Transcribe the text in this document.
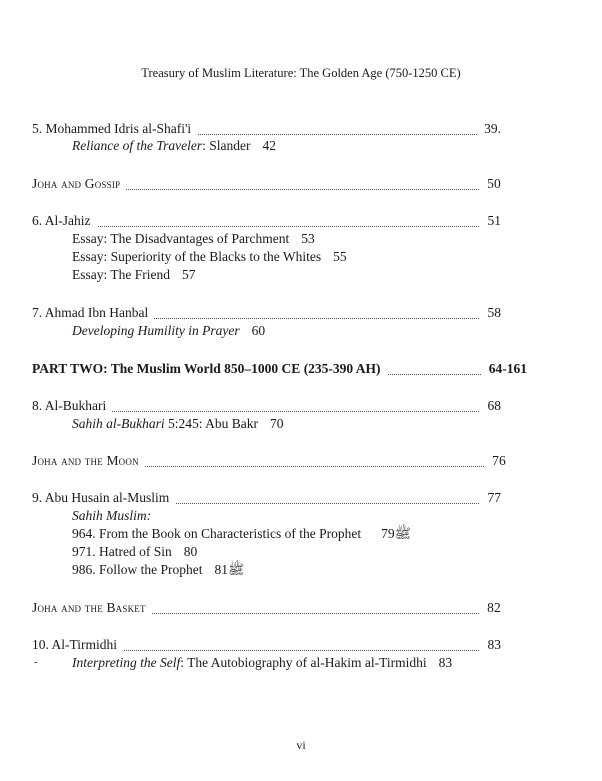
Treasury of Muslim Literature: The Golden Age (750-1250 CE)
5. Mohammed Idris al-Shafi'i	39.
Reliance of the Traveler: Slander 42
Joha and Gossip	50
6. Al-Jahiz	51
Essay: The Disadvantages of Parchment 53
Essay: Superiority of the Blacks to the Whites 55
Essay: The Friend 57
7. Ahmad Ibn Hanbal	58
Developing Humility in Prayer 60
PART TWO: The Muslim World 850–1000 CE (235-390 AH)	64-161
8. Al-Bukhari	68
Sahih al-Bukhari 5:245: Abu Bakr 70
Joha and the Moon	76
9. Abu Husain al-Muslim	77
Sahih Muslim:
964. From the Book on Characteristics of the Prophet ﷺ79
971. Hatred of Sin 80
986. Follow the Prophet ﷺ81
Joha and the Basket	82
10. Al-Tirmidhi	83
-	Interpreting the Self: The Autobiography of al-Hakim al-Tirmidhi 83
vi
